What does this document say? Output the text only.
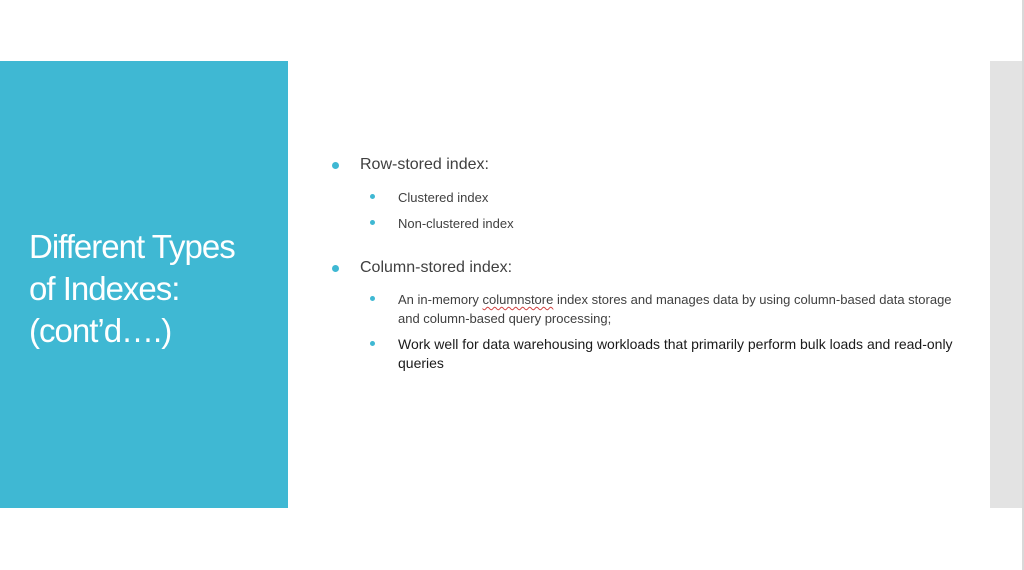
Different Types
of Indexes:
(cont’d….)
Row-stored index:
Clustered index
Non-clustered index
Column-stored index:
An in-memory columnstore index stores and manages data by using column-based data storage and column-based query processing;
Work well for data warehousing workloads that primarily perform bulk loads and read-only queries
